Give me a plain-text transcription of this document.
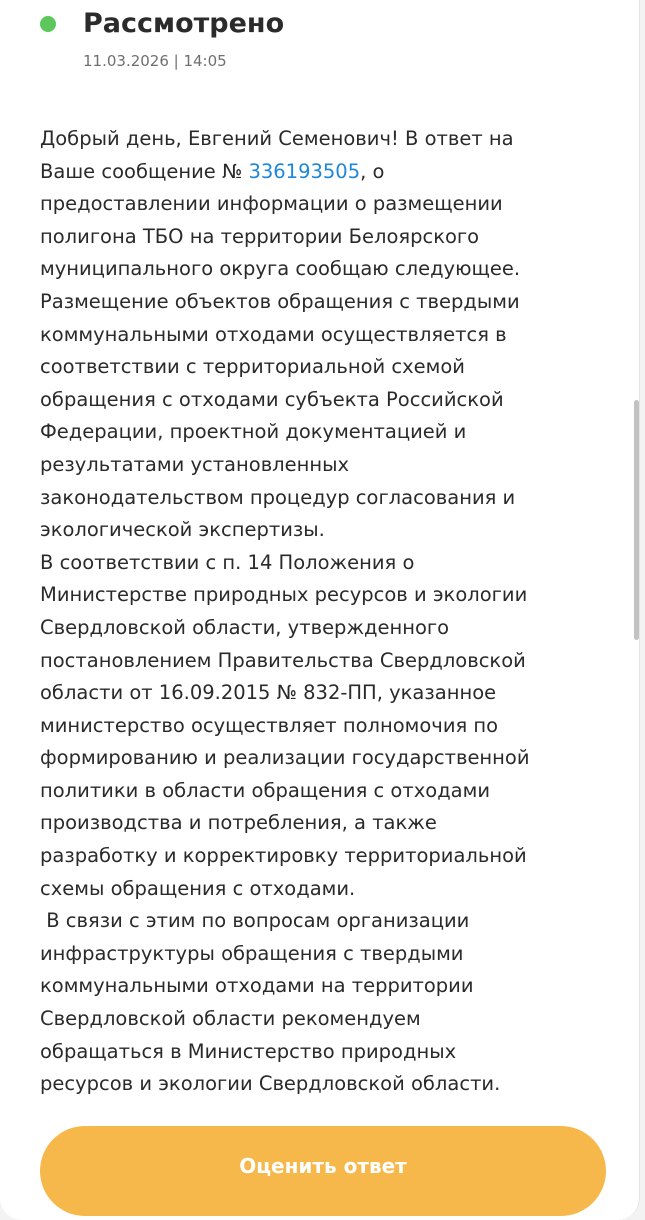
Рассмотрено
11.03.2026 | 14:05

Добрый день, Евгений Семенович! В ответ на
Ваше сообщение № 336193505, о
предоставлении информации о размещении
полигона ТБО на территории Белоярского
муниципального округа сообщаю следующее.
Размещение объектов обращения с твердыми
коммунальными отходами осуществляется в
соответствии с территориальной схемой
обращения с отходами субъекта Российской
Федерации, проектной документацией и
результатами установленных
законодательством процедур согласования и
экологической экспертизы.
В соответствии с п. 14 Положения о
Министерстве природных ресурсов и экологии
Свердловской области, утвержденного
постановлением Правительства Свердловской
области от 16.09.2015 № 832-ПП, указанное
министерство осуществляет полномочия по
формированию и реализации государственной
политики в области обращения с отходами
производства и потребления, а также
разработку и корректировку территориальной
схемы обращения с отходами.
В связи с этим по вопросам организации
инфраструктуры обращения с твердыми
коммунальными отходами на территории
Свердловской области рекомендуем
обращаться в Министерство природных
ресурсов и экологии Свердловской области.

Оценить ответ
